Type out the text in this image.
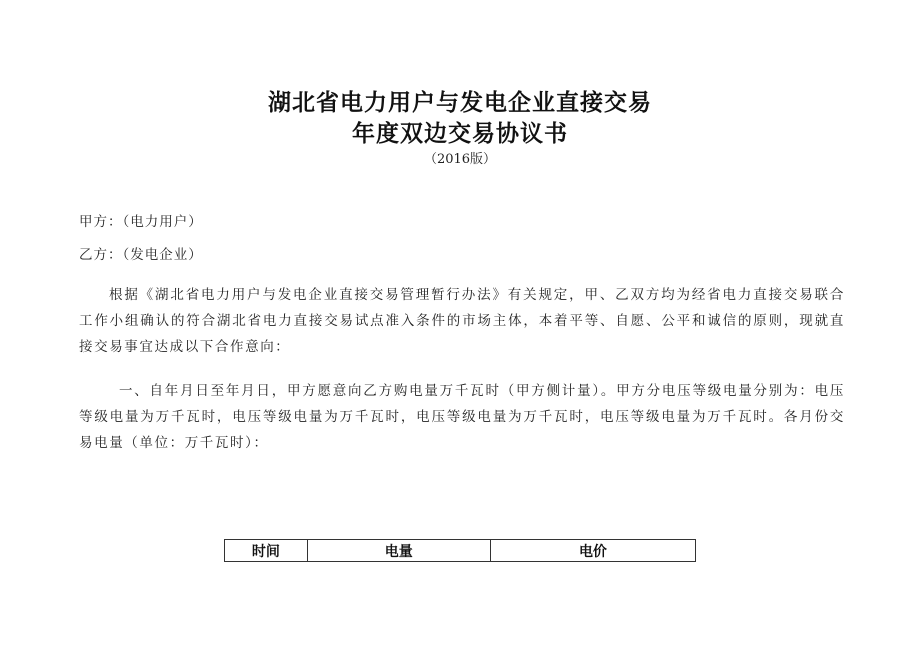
湖北省电力用户与发电企业直接交易
年度双边交易协议书
（2016版）
甲方：（电力用户）
乙方：（发电企业）
根据《湖北省电力用户与发电企业直接交易管理暂行办法》有关规定，甲、乙双方均为经省电力直接交易联合工作小组确认的符合湖北省电力直接交易试点准入条件的市场主体，本着平等、自愿、公平和诚信的原则，现就直接交易事宜达成以下合作意向：
一、自年月日至年月日，甲方愿意向乙方购电量万千瓦时（甲方侧计量）。甲方分电压等级电量分别为：电压等级电量为万千瓦时，电压等级电量为万千瓦时，电压等级电量为万千瓦时，电压等级电量为万千瓦时。各月份交易电量（单位：万千瓦时）：
时间	电量	电价
